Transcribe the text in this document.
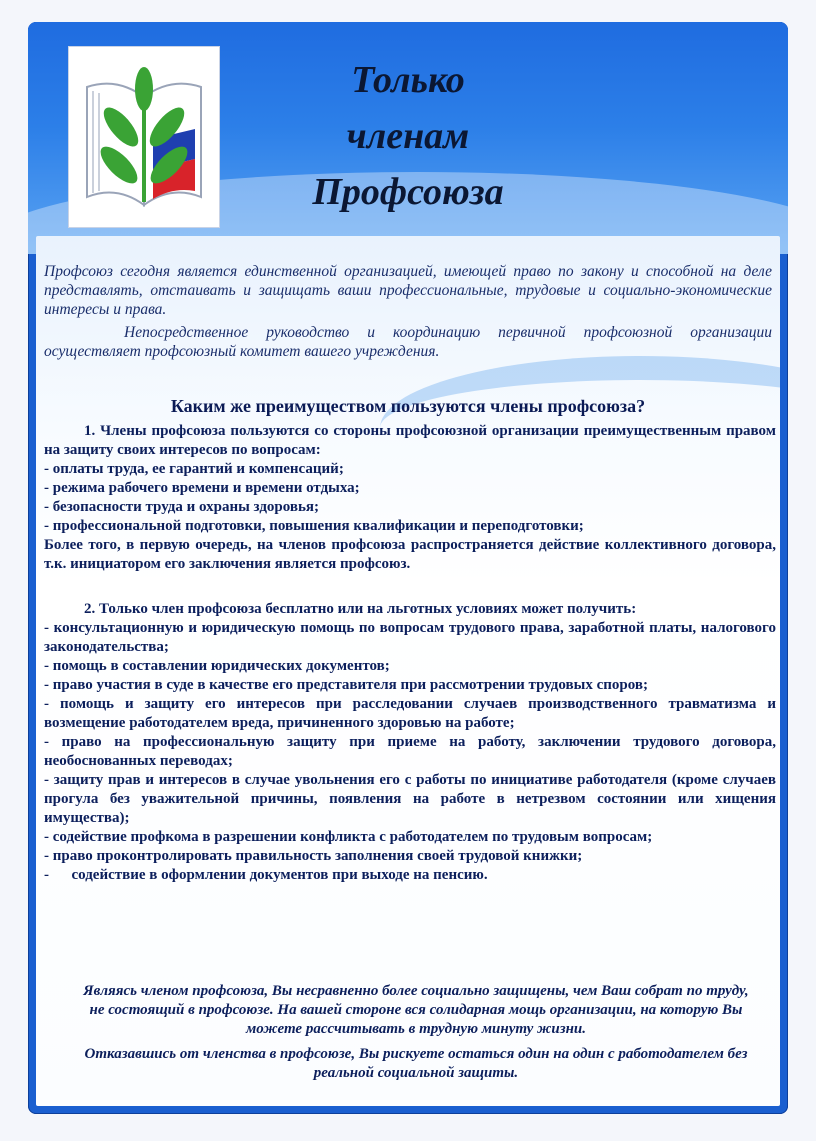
Только
членам
Профсоюза

Профсоюз сегодня является единственной организацией, имеющей право по закону и способной на деле представлять, отстаивать и защищать ваши профессиональные, трудовые и социально-экономические интересы и права.

Непосредственное руководство и координацию первичной профсоюзной организации осуществляет профсоюзный комитет вашего учреждения.

Каким же преимуществом пользуются члены профсоюза?

1. Члены профсоюза пользуются со стороны профсоюзной организации преимущественным правом на защиту своих интересов по вопросам:

- оплаты труда, ее гарантий и компенсаций;

- режима рабочего времени и времени отдыха;

- безопасности труда и охраны здоровья;

- профессиональной подготовки, повышения квалификации и переподготовки;

Более того, в первую очередь, на членов профсоюза распространяется действие коллективного договора, т.к. инициатором его заключения является профсоюз.

2. Только член профсоюза бесплатно или на льготных условиях может получить:

- консультационную и юридическую помощь по вопросам трудового права, заработной платы, налогового законодательства;

- помощь в составлении юридических документов;

- право участия в суде в качестве его представителя при рассмотрении трудовых споров;

- помощь и защиту его интересов при расследовании случаев производственного травматизма и возмещение работодателем вреда, причиненного здоровью на работе;

- право на профессиональную защиту при приеме на работу, заключении трудового договора, необоснованных переводах;

- защиту прав и интересов в случае увольнения его с работы по инициативе работодателя (кроме случаев прогула без уважительной причины, появления на работе в нетрезвом состоянии или хищения имущества);

- содействие профкома в разрешении конфликта с работодателем по трудовым вопросам;

- право проконтролировать правильность заполнения своей трудовой книжки;

-      содействие в оформлении документов при выходе на пенсию.

Являясь членом профсоюза, Вы несравненно более социально защищены, чем Ваш собрат по труду, не состоящий в профсоюзе. На вашей стороне вся солидарная мощь организации, на которую Вы можете рассчитывать в трудную минуту жизни.

Отказавшись от членства в профсоюзе, Вы рискуете остаться один на один с работодателем без реальной социальной защиты.
